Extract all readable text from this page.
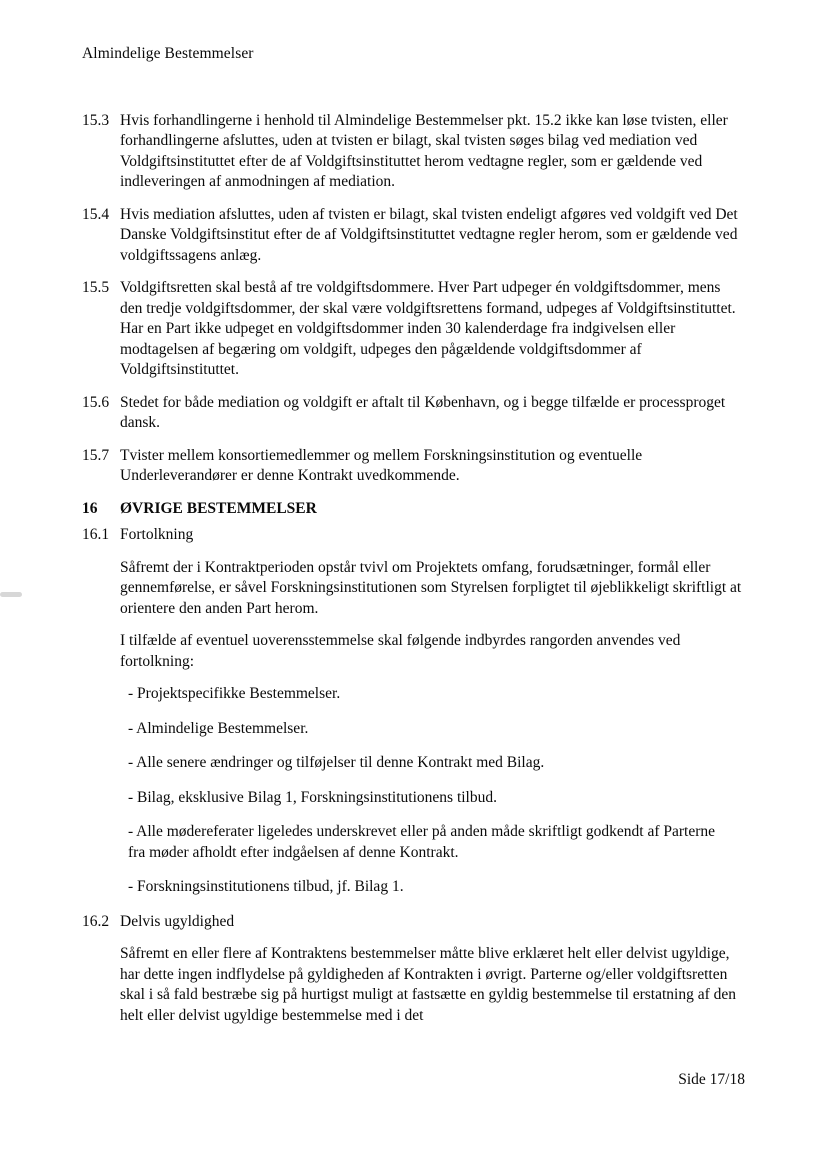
Almindelige Bestemmelser
15.3 Hvis forhandlingerne i henhold til Almindelige Bestemmelser pkt. 15.2 ikke kan løse tvisten, eller forhandlingerne afsluttes, uden at tvisten er bilagt, skal tvisten søges bilag ved mediation ved Voldgiftsinstituttet efter de af Voldgiftsinstituttet herom vedtagne regler, som er gældende ved indleveringen af anmodningen af mediation.
15.4 Hvis mediation afsluttes, uden af tvisten er bilagt, skal tvisten endeligt afgøres ved voldgift ved Det Danske Voldgiftsinstitut efter de af Voldgiftsinstituttet vedtagne regler herom, som er gældende ved voldgiftssagens anlæg.
15.5 Voldgiftsretten skal bestå af tre voldgiftsdommere. Hver Part udpeger én voldgiftsdommer, mens den tredje voldgiftsdommer, der skal være voldgiftsrettens formand, udpeges af Voldgiftsinstituttet. Har en Part ikke udpeget en voldgiftsdommer inden 30 kalenderdage fra indgivelsen eller modtagelsen af begæring om voldgift, udpeges den pågældende voldgiftsdommer af Voldgiftsinstituttet.
15.6 Stedet for både mediation og voldgift er aftalt til København, og i begge tilfælde er processproget dansk.
15.7 Tvister mellem konsortiemedlemmer og mellem Forskningsinstitution og eventuelle Underleverandører er denne Kontrakt uvedkommende.
16	ØVRIGE BESTEMMELSER
16.1 Fortolkning
Såfremt der i Kontraktperioden opstår tvivl om Projektets omfang, forudsætninger, formål eller gennemførelse, er såvel Forskningsinstitutionen som Styrelsen forpligtet til øjeblikkeligt skriftligt at orientere den anden Part herom.
I tilfælde af eventuel uoverensstemmelse skal følgende indbyrdes rangorden anvendes ved fortolkning:
- Projektspecifikke Bestemmelser.
- Almindelige Bestemmelser.
- Alle senere ændringer og tilføjelser til denne Kontrakt med Bilag.
- Bilag, eksklusive Bilag 1, Forskningsinstitutionens tilbud.
- Alle mødereferater ligeledes underskrevet eller på anden måde skriftligt godkendt af Parterne fra møder afholdt efter indgåelsen af denne Kontrakt.
- Forskningsinstitutionens tilbud, jf. Bilag 1.
16.2 Delvis ugyldighed
Såfremt en eller flere af Kontraktens bestemmelser måtte blive erklæret helt eller delvist ugyldige, har dette ingen indflydelse på gyldigheden af Kontrakten i øvrigt. Parterne og/eller voldgiftsretten skal i så fald bestræbe sig på hurtigst muligt at fastsætte en gyldig bestemmelse til erstatning af den helt eller delvist ugyldige bestemmelse med i det
Side 17/18
